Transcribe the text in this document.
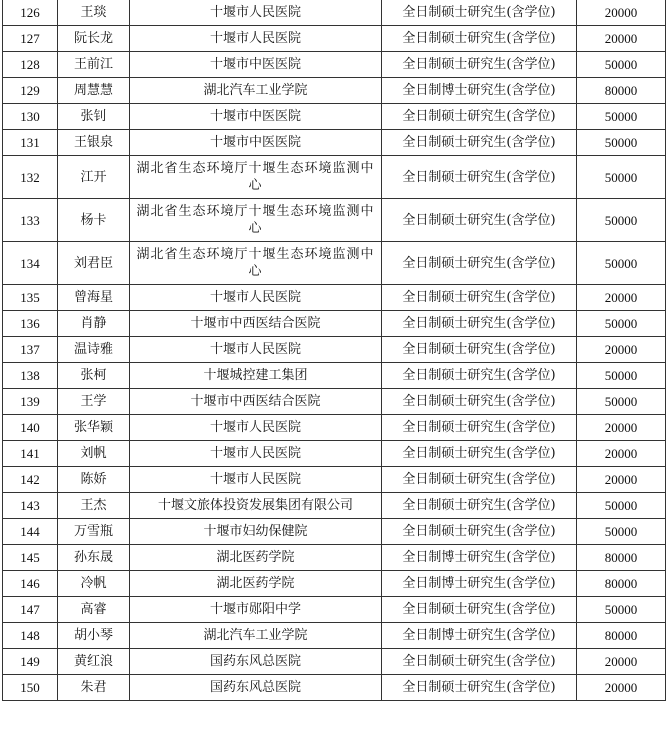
126	王琰	十堰市人民医院	全日制硕士研究生(含学位)	20000
127	阮长龙	十堰市人民医院	全日制硕士研究生(含学位)	20000
128	王前江	十堰市中医医院	全日制硕士研究生(含学位)	50000
129	周慧慧	湖北汽车工业学院	全日制博士研究生(含学位)	80000
130	张钊	十堰市中医医院	全日制硕士研究生(含学位)	50000
131	王银泉	十堰市中医医院	全日制硕士研究生(含学位)	50000
132	江开	湖北省生态环境厅十堰生态环境监测中心	全日制硕士研究生(含学位)	50000
133	杨卡	湖北省生态环境厅十堰生态环境监测中心	全日制硕士研究生(含学位)	50000
134	刘君臣	湖北省生态环境厅十堰生态环境监测中心	全日制硕士研究生(含学位)	50000
135	曾海星	十堰市人民医院	全日制硕士研究生(含学位)	20000
136	肖静	十堰市中西医结合医院	全日制硕士研究生(含学位)	50000
137	温诗雅	十堰市人民医院	全日制硕士研究生(含学位)	20000
138	张柯	十堰城控建工集团	全日制硕士研究生(含学位)	50000
139	王学	十堰市中西医结合医院	全日制硕士研究生(含学位)	50000
140	张华颖	十堰市人民医院	全日制硕士研究生(含学位)	20000
141	刘帆	十堰市人民医院	全日制硕士研究生(含学位)	20000
142	陈娇	十堰市人民医院	全日制硕士研究生(含学位)	20000
143	王杰	十堰文旅体投资发展集团有限公司	全日制硕士研究生(含学位)	50000
144	万雪瓶	十堰市妇幼保健院	全日制硕士研究生(含学位)	50000
145	孙东晟	湖北医药学院	全日制博士研究生(含学位)	80000
146	冷帆	湖北医药学院	全日制博士研究生(含学位)	80000
147	高睿	十堰市郧阳中学	全日制硕士研究生(含学位)	50000
148	胡小琴	湖北汽车工业学院	全日制博士研究生(含学位)	80000
149	黄红浪	国药东风总医院	全日制硕士研究生(含学位)	20000
150	朱君	国药东风总医院	全日制硕士研究生(含学位)	20000
